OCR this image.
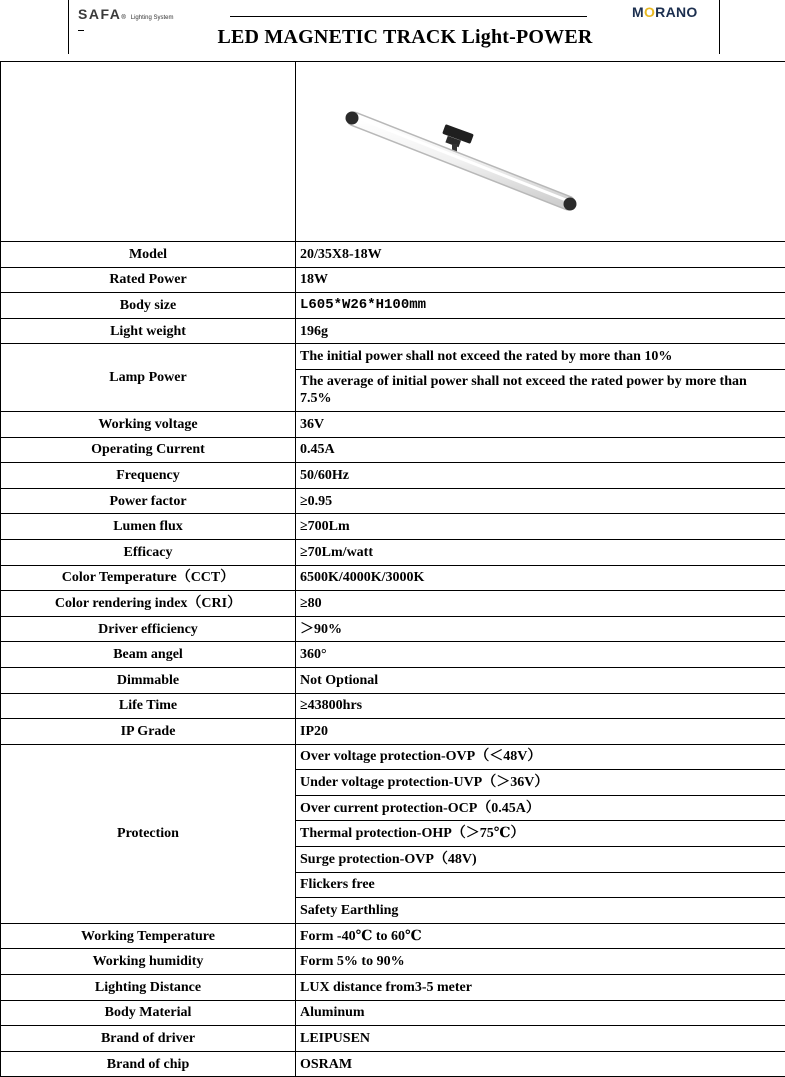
SAFA ® Lighting System
LED MAGNETIC TRACK Light-POWER
MORANO

Model	20/35X8-18W
Rated Power	18W
Body size	L605*W26*H100mm
Light weight	196g
Lamp Power	The initial power shall not exceed the rated by more than 10%
	The average of initial power shall not exceed the rated power by more than 7.5%
Working voltage	36V
Operating Current	0.45A
Frequency	50/60Hz
Power factor	≥0.95
Lumen flux	≥700Lm
Efficacy	≥70Lm/watt
Color Temperature（CCT）	6500K/4000K/3000K
Color rendering index（CRI）	≥80
Driver efficiency	＞90%
Beam angel	360°
Dimmable	Not Optional
Life Time	≥43800hrs
IP Grade	IP20
Protection	Over voltage protection-OVP（＜48V）
	Under voltage protection-UVP（＞36V）
	Over current protection-OCP（0.45A）
	Thermal protection-OHP（＞75℃）
	Surge protection-OVP（48V)
	Flickers free
	Safety Earthling
Working Temperature	Form -40℃ to 60℃
Working humidity	Form 5% to 90%
Lighting Distance	LUX distance from3-5 meter
Body Material	Aluminum
Brand of driver	LEIPUSEN
Brand of chip	OSRAM
